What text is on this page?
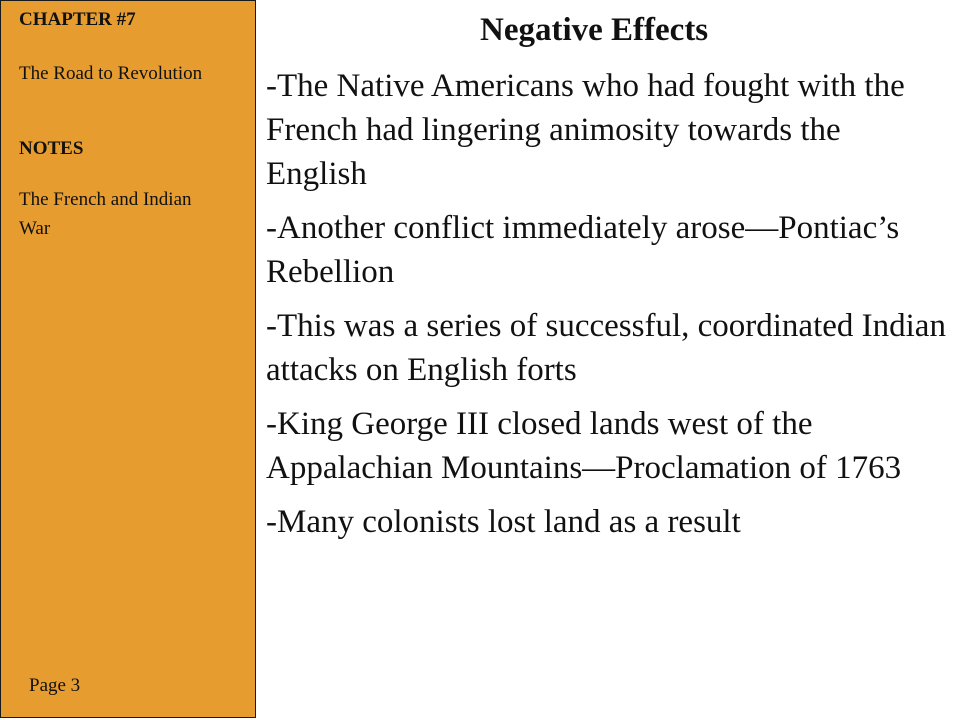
CHAPTER #7
The Road to Revolution
NOTES
The French and Indian War
Page 3
Negative Effects
-The Native Americans who had fought with the French had lingering animosity towards the English
-Another conflict immediately arose—Pontiac’s Rebellion
-This was a series of successful, coordinated Indian attacks on English forts
-King George III closed lands west of the Appalachian Mountains—Proclamation of 1763
-Many colonists lost land as a result
